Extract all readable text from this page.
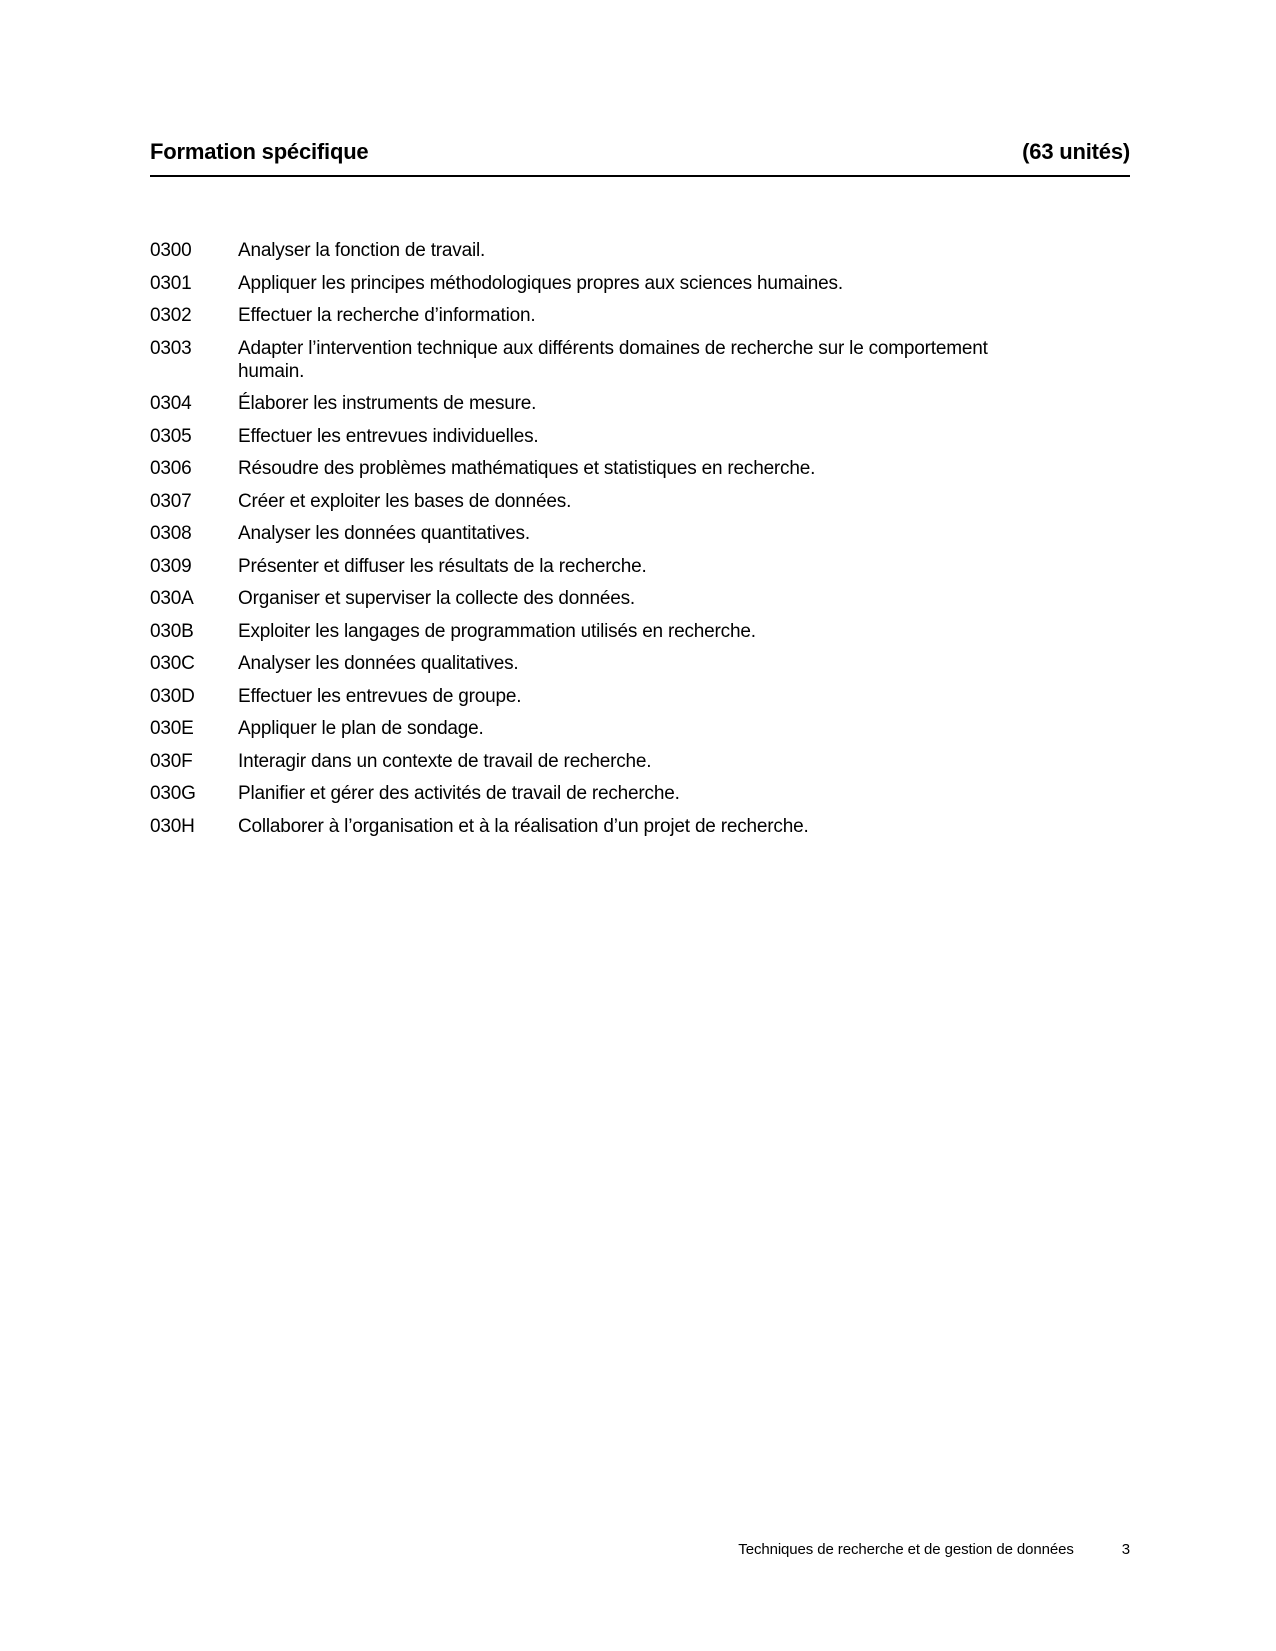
Formation spécifique	(63 unités)
0300	Analyser la fonction de travail.
0301	Appliquer les principes méthodologiques propres aux sciences humaines.
0302	Effectuer la recherche d’information.
0303	Adapter l’intervention technique aux différents domaines de recherche sur le comportement humain.
0304	Élaborer les instruments de mesure.
0305	Effectuer les entrevues individuelles.
0306	Résoudre des problèmes mathématiques et statistiques en recherche.
0307	Créer et exploiter les bases de données.
0308	Analyser les données quantitatives.
0309	Présenter et diffuser les résultats de la recherche.
030A	Organiser et superviser la collecte des données.
030B	Exploiter les langages de programmation utilisés en recherche.
030C	Analyser les données qualitatives.
030D	Effectuer les entrevues de groupe.
030E	Appliquer le plan de sondage.
030F	Interagir dans un contexte de travail de recherche.
030G	Planifier et gérer des activités de travail de recherche.
030H	Collaborer à l’organisation et à la réalisation d’un projet de recherche.
Techniques de recherche et de gestion de données	3
